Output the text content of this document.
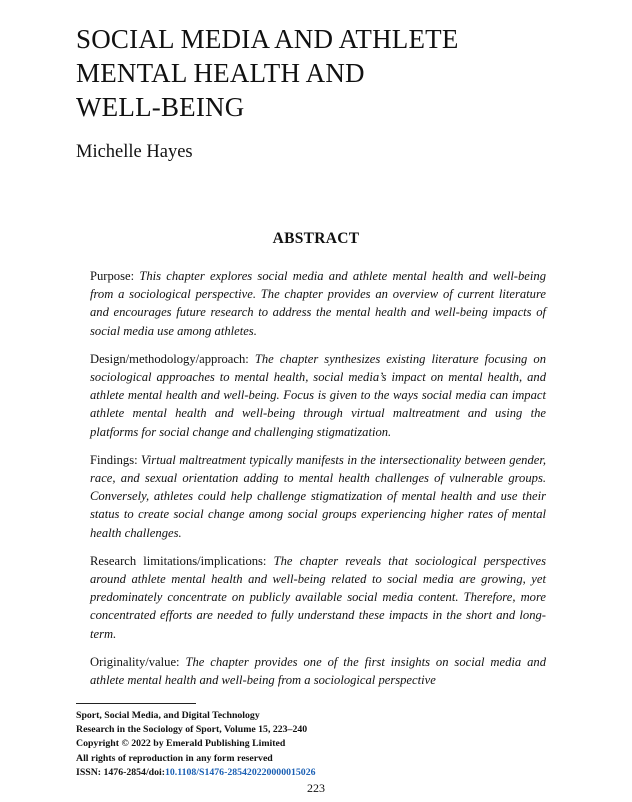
SOCIAL MEDIA AND ATHLETE
MENTAL HEALTH AND
WELL-BEING

Michelle Hayes

ABSTRACT

Purpose: This chapter explores social media and athlete mental health and well-being from a sociological perspective. The chapter provides an overview of current literature and encourages future research to address the mental health and well-being impacts of social media use among athletes.

Design/methodology/approach: The chapter synthesizes existing literature focusing on sociological approaches to mental health, social media’s impact on mental health, and athlete mental health and well-being. Focus is given to the ways social media can impact athlete mental health and well-being through virtual maltreatment and using the platforms for social change and challenging stigmatization.

Findings: Virtual maltreatment typically manifests in the intersectionality between gender, race, and sexual orientation adding to mental health challenges of vulnerable groups. Conversely, athletes could help challenge stigmatization of mental health and use their status to create social change among social groups experiencing higher rates of mental health challenges.

Research limitations/implications: The chapter reveals that sociological perspectives around athlete mental health and well-being related to social media are growing, yet predominately concentrate on publicly available social media content. Therefore, more concentrated efforts are needed to fully understand these impacts in the short and long-term.

Originality/value: The chapter provides one of the first insights on social media and athlete mental health and well-being from a sociological perspective

Sport, Social Media, and Digital Technology
Research in the Sociology of Sport, Volume 15, 223–240
Copyright © 2022 by Emerald Publishing Limited
All rights of reproduction in any form reserved
ISSN: 1476-2854/doi:10.1108/S1476-285420220000015026
223
